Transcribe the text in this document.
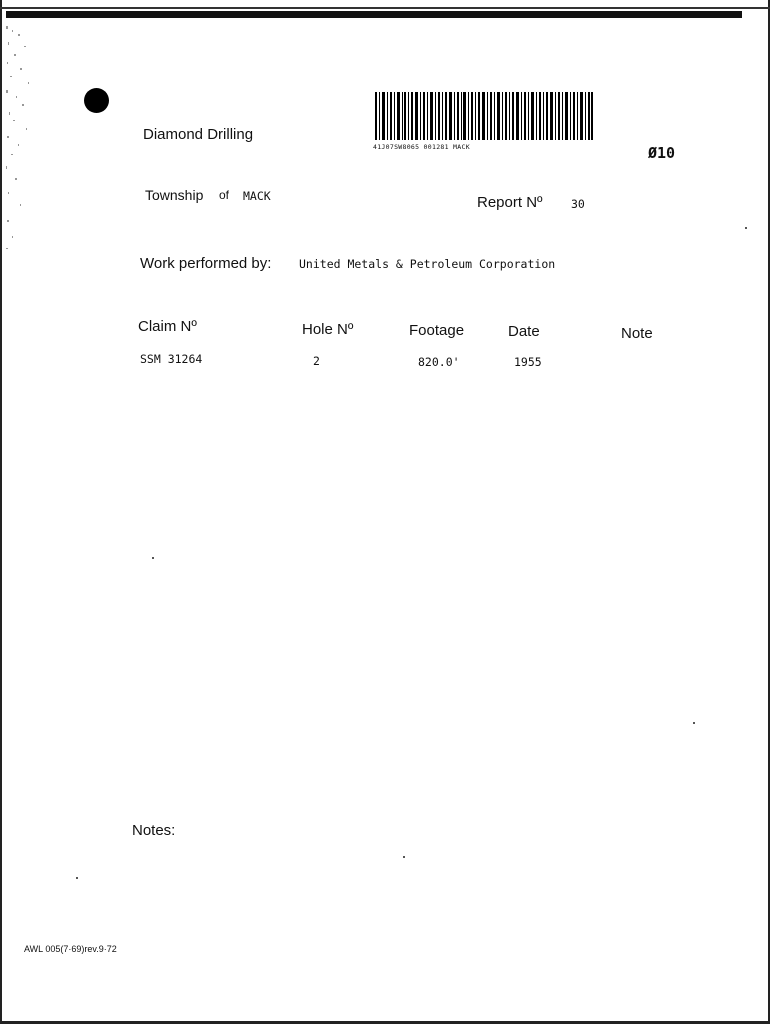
Diamond Drilling
41J07SW8065 001281 MACK	Ø10
Township of MACK	Report Nº 30
Work performed by: United Metals & Petroleum Corporation
Claim Nº	Hole Nº	Footage	Date	Note
SSM 31264	2	820.0'	1955
Notes:
AWL 005(7·69)rev.9·72
